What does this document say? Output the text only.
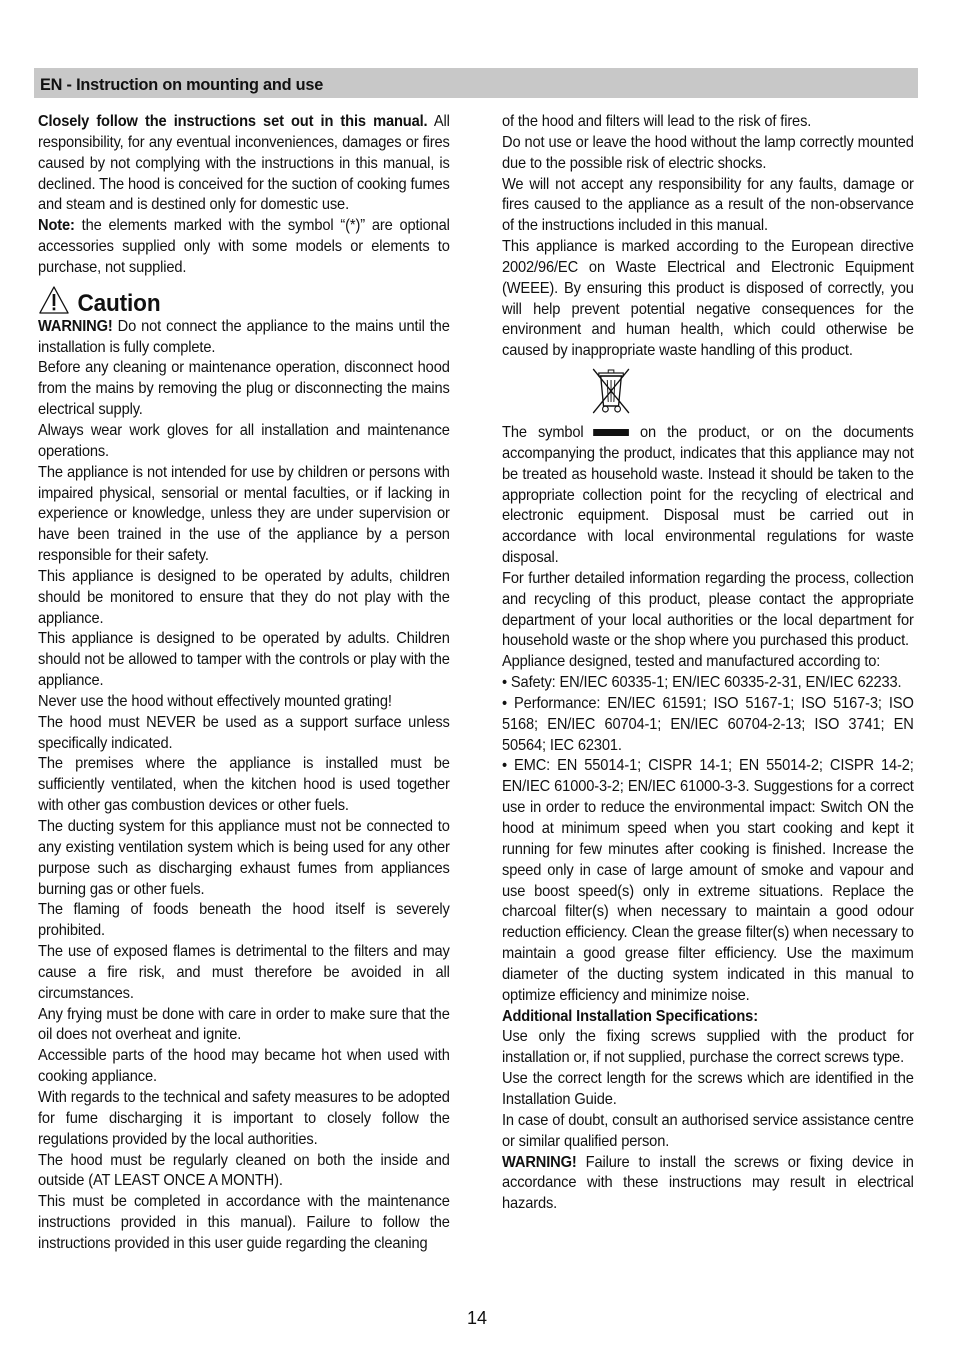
EN - Instruction on mounting and use

Closely follow the instructions set out in this manual. All responsibility, for any eventual inconveniences, damages or fires caused by not complying with the instructions in this manual, is declined. The hood is conceived for the suction of cooking fumes and steam and is destined only for domestic use.

Note: the elements marked with the symbol “(*)” are optional accessories supplied only with some models or elements to purchase, not supplied.

Caution

WARNING! Do not connect the appliance to the mains until the installation is fully complete.

Before any cleaning or maintenance operation, disconnect hood from the mains by removing the plug or disconnecting the mains electrical supply.

Always wear work gloves for all installation and maintenance operations.

The appliance is not intended for use by children or persons with impaired physical, sensorial or mental faculties, or if lacking in experience or knowledge, unless they are under supervision or have been trained in the use of the appliance by a person responsible for their safety.

This appliance is designed to be operated by adults, children should be monitored to ensure that they do not play with the appliance.

This appliance is designed to be operated by adults. Children should not be allowed to tamper with the controls or play with the appliance.

Never use the hood without effectively mounted grating!

The hood must NEVER be used as a support surface unless specifically indicated.

The premises where the appliance is installed must be sufficiently ventilated, when the kitchen hood is used together with other gas combustion devices or other fuels.

The ducting system for this appliance must not be connected to any existing ventilation system which is being used for any other purpose such as discharging exhaust fumes from appliances burning gas or other fuels.

The flaming of foods beneath the hood itself is severely prohibited.

The use of exposed flames is detrimental to the filters and may cause a fire risk, and must therefore be avoided in all circumstances.

Any frying must be done with care in order to make sure that the oil does not overheat and ignite.

Accessible parts of the hood may became hot when used with cooking appliance.

With regards to the technical and safety measures to be adopted for fume discharging it is important to closely follow the regulations provided by the local authorities.

The hood must be regularly cleaned on both the inside and outside (AT LEAST ONCE A MONTH).

This must be completed in accordance with the maintenance instructions provided in this manual). Failure to follow the instructions provided in this user guide regarding the cleaning

of the hood and filters will lead to the risk of fires.

Do not use or leave the hood without the lamp correctly mounted due to the possible risk of electric shocks.

We will not accept any responsibility for any faults, damage or fires caused to the appliance as a result of the non-observance of the instructions included in this manual.

This appliance is marked according to the European directive 2002/96/EC on Waste Electrical and Electronic Equipment (WEEE). By ensuring this product is disposed of correctly, you will help prevent potential negative consequences for the environment and human health, which could otherwise be caused by inappropriate waste handling of this product.

The symbol	on the product, or on the documents accompanying the product, indicates that this appliance may not be treated as household waste. Instead it should be taken to the appropriate collection point for the recycling of electrical and electronic equipment. Disposal must be carried out in accordance with local environmental regulations for waste disposal.

For further detailed information regarding the process, collection and recycling of this product, please contact the appropriate department of your local authorities or the local department for household waste or the shop where you purchased this product.

Appliance designed, tested and manufactured according to:

• Safety: EN/IEC 60335-1; EN/IEC 60335-2-31, EN/IEC 62233.

• Performance: EN/IEC 61591; ISO 5167-1; ISO 5167-3; ISO 5168; EN/IEC 60704-1; EN/IEC 60704-2-13; ISO 3741; EN 50564; IEC 62301.

• EMC: EN 55014-1; CISPR 14-1; EN 55014-2; CISPR 14-2; EN/IEC 61000-3-2; EN/IEC 61000-3-3. Suggestions for a correct use in order to reduce the environmental impact: Switch ON the hood at minimum speed when you start cooking and kept it running for few minutes after cooking is finished. Increase the speed only in case of large amount of smoke and vapour and use boost speed(s) only in extreme situations. Replace the charcoal filter(s) when necessary to maintain a good odour reduction efficiency. Clean the grease filter(s) when necessary to maintain a good grease filter efficiency. Use the maximum diameter of the ducting system indicated in this manual to optimize efficiency and minimize noise.

Additional Installation Specifications:

Use only the fixing screws supplied with the product for installation or, if not supplied, purchase the correct screws type.

Use the correct length for the screws which are identified in the Installation Guide.

In case of doubt, consult an authorised service assistance centre or similar qualified person.

WARNING! Failure to install the screws or fixing device in accordance with these instructions may result in electrical hazards.

14
